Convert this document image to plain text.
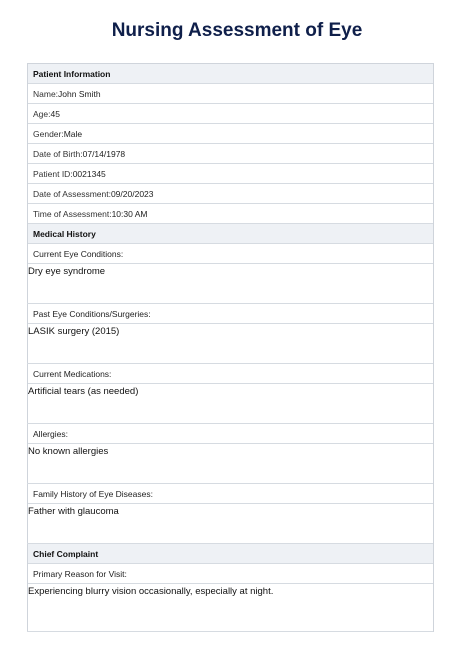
Nursing Assessment of Eye
Patient Information
Name:John Smith
Age:45
Gender:Male
Date of Birth:07/14/1978
Patient ID:0021345
Date of Assessment:09/20/2023
Time of Assessment:10:30 AM
Medical History
Current Eye Conditions:
Dry eye syndrome
Past Eye Conditions/Surgeries:
LASIK surgery (2015)
Current Medications:
Artificial tears (as needed)
Allergies:
No known allergies
Family History of Eye Diseases:
Father with glaucoma
Chief Complaint
Primary Reason for Visit:
Experiencing blurry vision occasionally, especially at night.
